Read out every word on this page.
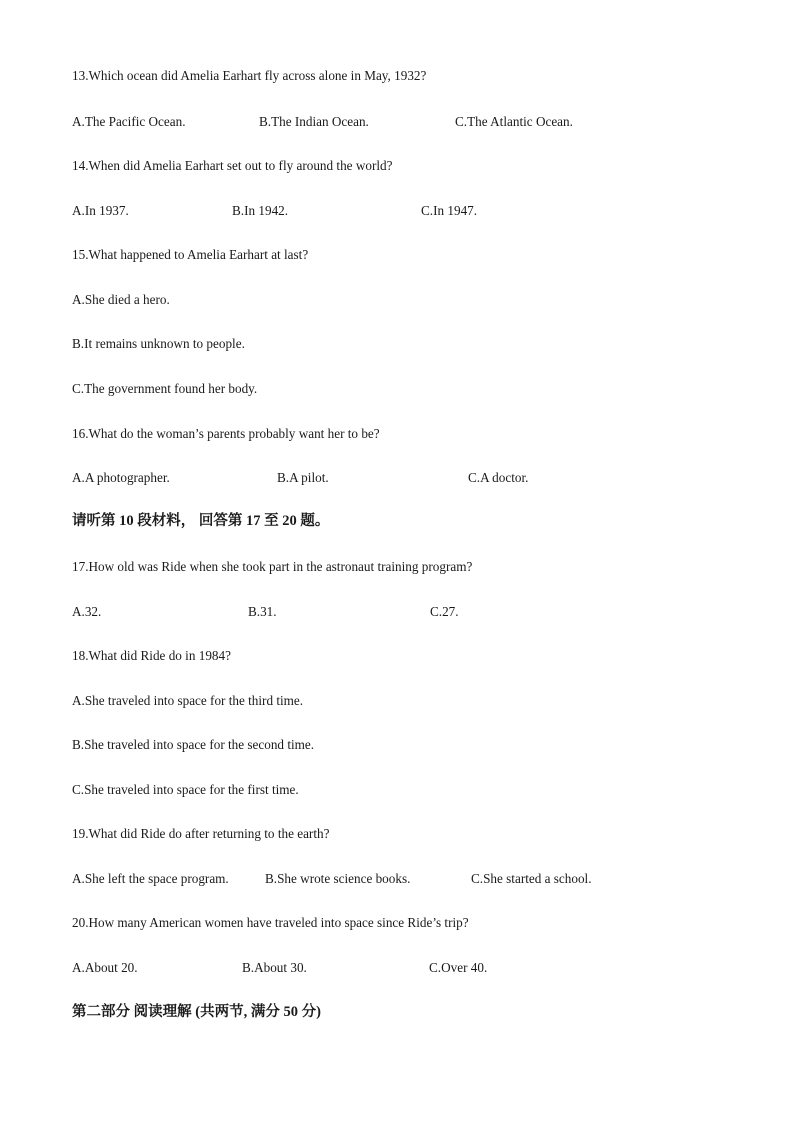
13.Which ocean did Amelia Earhart fly across alone in May, 1932?
A.The Pacific Ocean.	B.The Indian Ocean.	C.The Atlantic Ocean.
14.When did Amelia Earhart set out to fly around the world?
A.In 1937.	B.In 1942.	C.In 1947.
15.What happened to Amelia Earhart at last?
A.She died a hero.
B.It remains unknown to people.
C.The government found her body.
16.What do the woman’s parents probably want her to be?
A.A photographer.	B.A pilot.	C.A doctor.
请听第 10 段材料， 回答第 17 至 20 题。
17.How old was Ride when she took part in the astronaut training program?
A.32.	B.31.	C.27.
18.What did Ride do in 1984?
A.She traveled into space for the third time.
B.She traveled into space for the second time.
C.She traveled into space for the first time.
19.What did Ride do after returning to the earth?
A.She left the space program.	B.She wrote science books.	C.She started a school.
20.How many American women have traveled into space since Ride’s trip?
A.About 20.	B.About 30.	C.Over 40.
第二部分 阅读理解 (共两节, 满分 50 分)
